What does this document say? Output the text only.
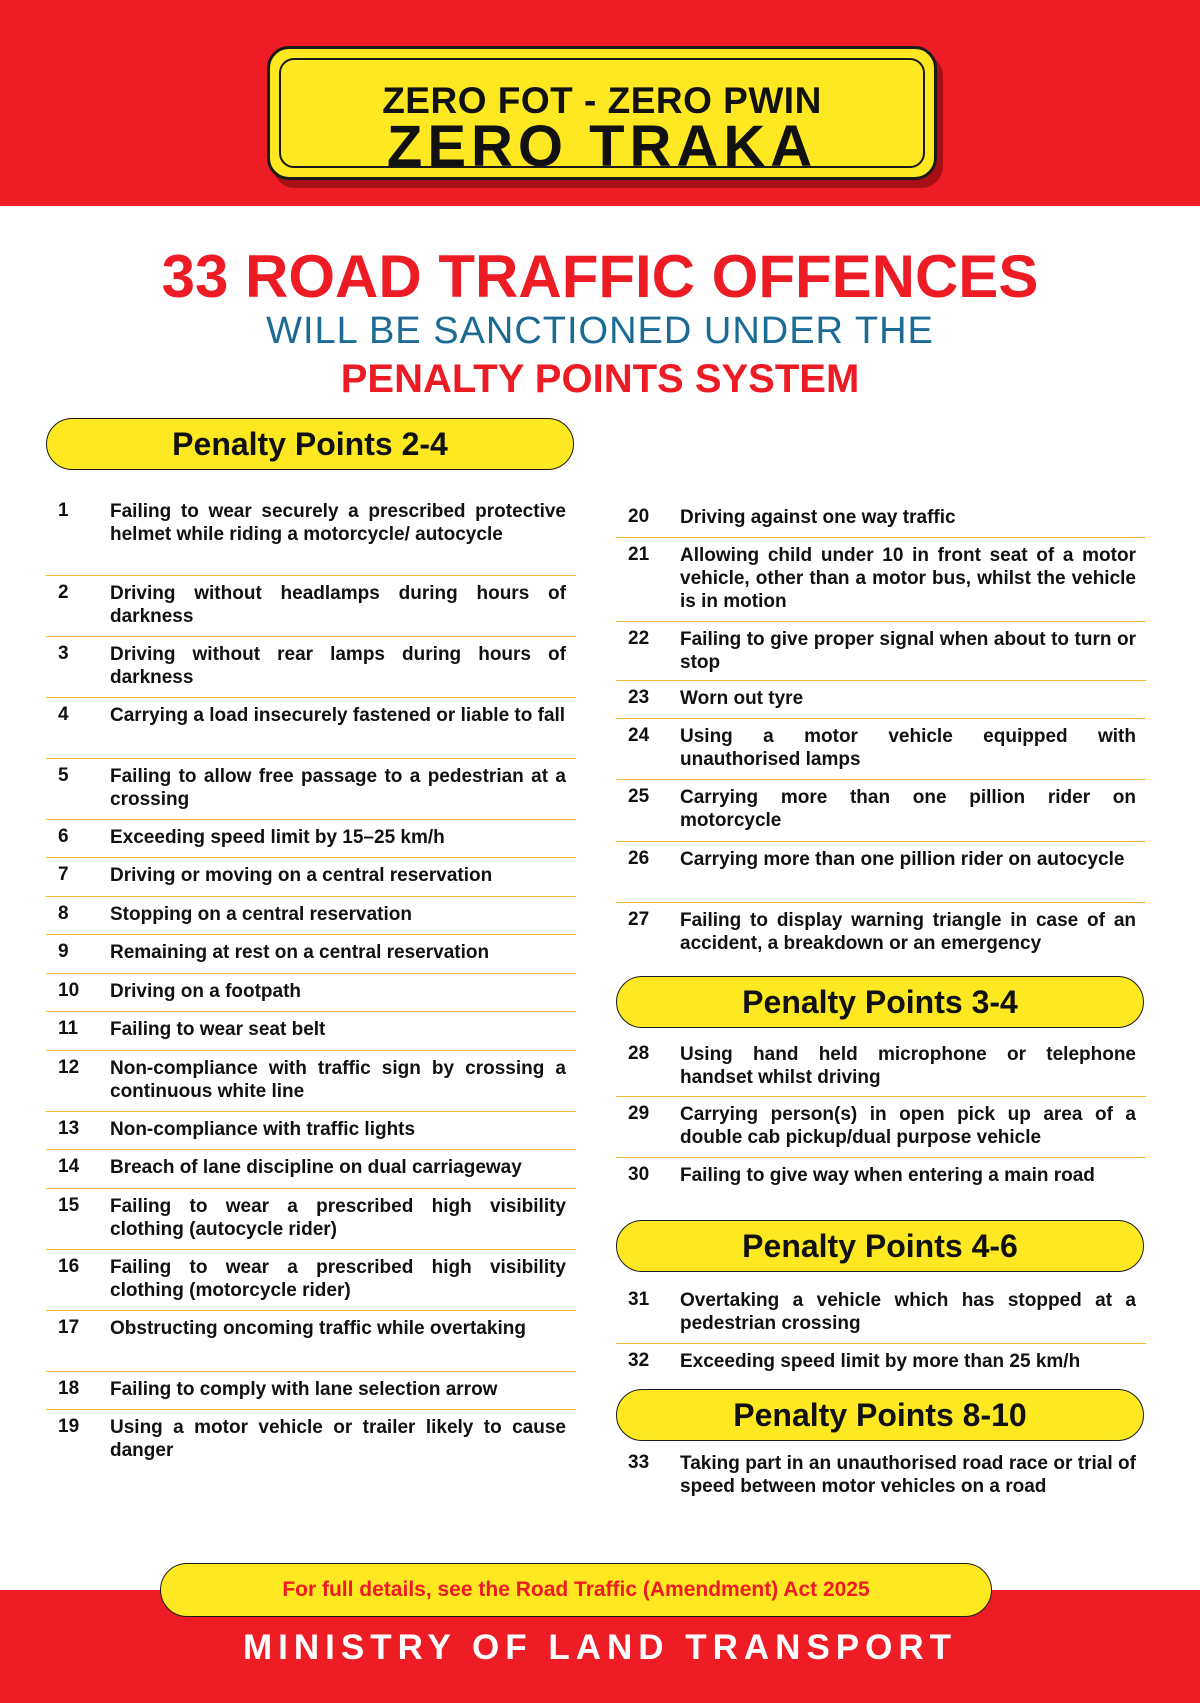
ZERO FOT - ZERO PWIN
ZERO TRAKA
33 ROAD TRAFFIC OFFENCES
WILL BE SANCTIONED UNDER THE
PENALTY POINTS SYSTEM
Penalty Points 2-4
Penalty Points 3-4
Penalty Points 4-6
Penalty Points 8-10
1 Failing to wear securely a prescribed protective helmet while riding a motorcycle/ autocycle
2 Driving without headlamps during hours of darkness
3 Driving without rear lamps during hours of darkness
4 Carrying a load insecurely fastened or liable to fall
5 Failing to allow free passage to a pedestrian at a crossing
6 Exceeding speed limit by 15–25 km/h
7 Driving or moving on a central reservation
8 Stopping on a central reservation
9 Remaining at rest on a central reservation
10 Driving on a footpath
11 Failing to wear seat belt
12 Non-compliance with traffic sign by crossing a continuous white line
13 Non-compliance with traffic lights
14 Breach of lane discipline on dual carriageway
15 Failing to wear a prescribed high visibility clothing (autocycle rider)
16 Failing to wear a prescribed high visibility clothing (motorcycle rider)
17 Obstructing oncoming traffic while overtaking
18 Failing to comply with lane selection arrow
19 Using a motor vehicle or trailer likely to cause danger
20 Driving against one way traffic
21 Allowing child under 10 in front seat of a motor vehicle, other than a motor bus, whilst the vehicle is in motion
22 Failing to give proper signal when about to turn or stop
23 Worn out tyre
24 Using a motor vehicle equipped with unauthorised lamps
25 Carrying more than one pillion rider on motorcycle
26 Carrying more than one pillion rider on autocycle
27 Failing to display warning triangle in case of an accident, a breakdown or an emergency
28 Using hand held microphone or telephone handset whilst driving
29 Carrying person(s) in open pick up area of a double cab pickup/dual purpose vehicle
30 Failing to give way when entering a main road
31 Overtaking a vehicle which has stopped at a pedestrian crossing
32 Exceeding speed limit by more than 25 km/h
33 Taking part in an unauthorised road race or trial of speed between motor vehicles on a road
For full details, see the Road Traffic (Amendment) Act 2025
MINISTRY OF LAND TRANSPORT
